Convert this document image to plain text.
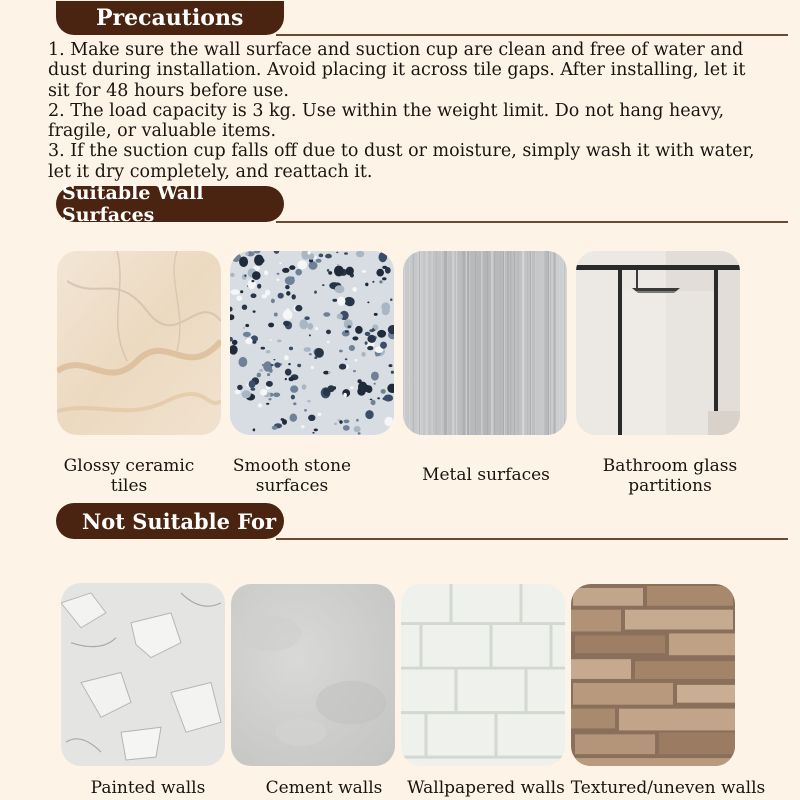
Precautions

1. Make sure the wall surface and suction cup are clean and free of water and dust during installation. Avoid placing it across tile gaps. After installing, let it sit for 48 hours before use.

2. The load capacity is 3 kg. Use within the weight limit. Do not hang heavy, fragile, or valuable items.

3. If the suction cup falls off due to dust or moisture, simply wash it with water, let it dry completely, and reattach it.

Suitable Wall Surfaces
Glossy ceramic tiles
Smooth stone surfaces
Metal surfaces	Bathroom glass partitions
Not Suitable For
Painted walls	Cement walls	Wallpapered walls Textured/uneven walls
